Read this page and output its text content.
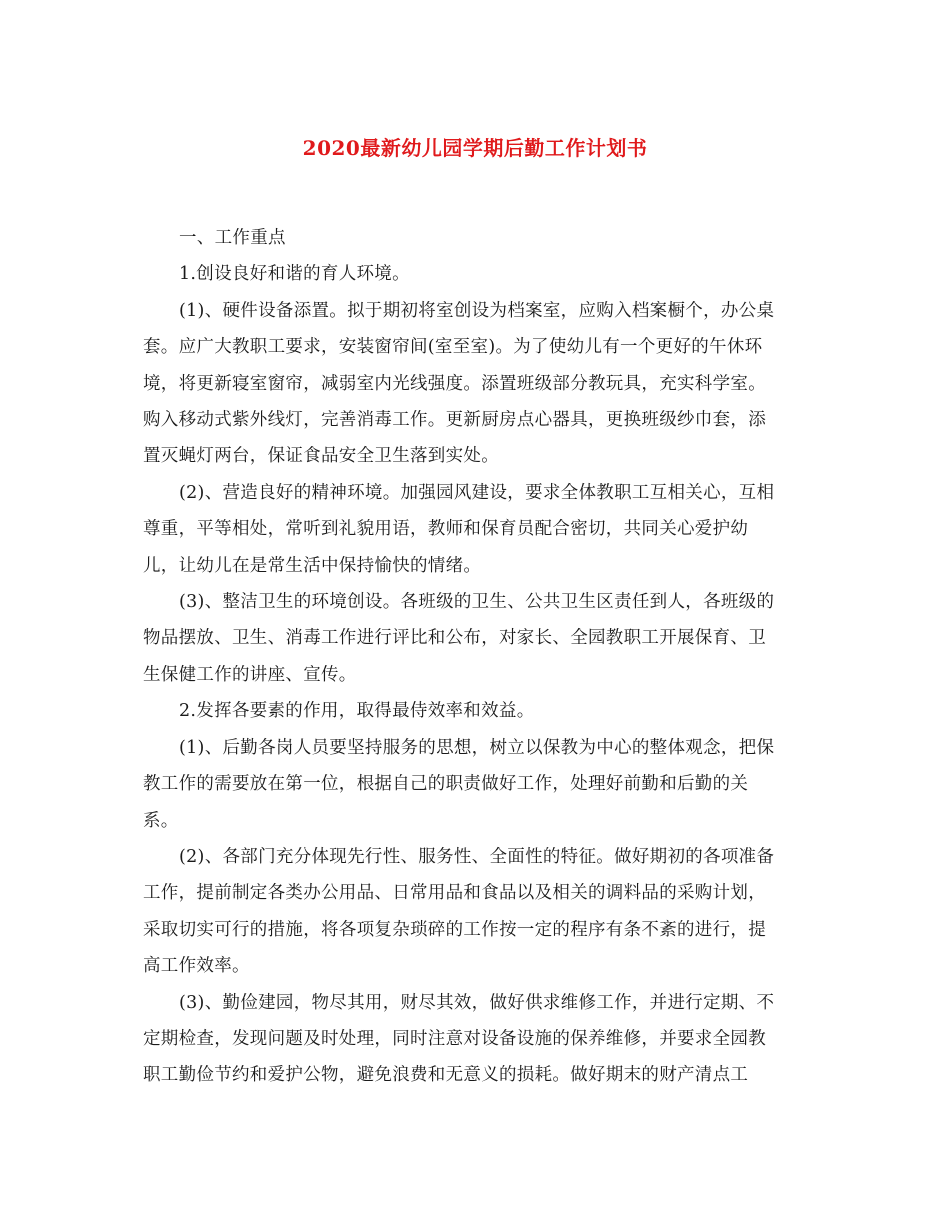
2020最新幼儿园学期后勤工作计划书

一、工作重点

1.创设良好和谐的育人环境。

(1)、硬件设备添置。拟于期初将室创设为档案室，应购入档案橱个，办公桌
套。应广大教职工要求，安装窗帘间(室至室)。为了使幼儿有一个更好的午休环
境，将更新寝室窗帘，减弱室内光线强度。添置班级部分教玩具，充实科学室。
购入移动式紫外线灯，完善消毒工作。更新厨房点心器具，更换班级纱巾套，添
置灭蝇灯两台，保证食品安全卫生落到实处。

(2)、营造良好的精神环境。加强园风建设，要求全体教职工互相关心，互相
尊重，平等相处，常听到礼貌用语，教师和保育员配合密切，共同关心爱护幼
儿，让幼儿在是常生活中保持愉快的情绪。

(3)、整洁卫生的环境创设。各班级的卫生、公共卫生区责任到人，各班级的
物品摆放、卫生、消毒工作进行评比和公布，对家长、全园教职工开展保育、卫
生保健工作的讲座、宣传。

2.发挥各要素的作用，取得最侍效率和效益。

(1)、后勤各岗人员要坚持服务的思想，树立以保教为中心的整体观念，把保
教工作的需要放在第一位，根据自己的职责做好工作，处理好前勤和后勤的关
系。

(2)、各部门充分体现先行性、服务性、全面性的特征。做好期初的各项准备
工作，提前制定各类办公用品、日常用品和食品以及相关的调料品的采购计划，
采取切实可行的措施，将各项复杂琐碎的工作按一定的程序有条不紊的进行，提
高工作效率。

(3)、勤俭建园，物尽其用，财尽其效，做好供求维修工作，并进行定期、不
定期检查，发现问题及时处理，同时注意对设备设施的保养维修，并要求全园教
职工勤俭节约和爱护公物，避免浪费和无意义的损耗。做好期末的财产清点工
